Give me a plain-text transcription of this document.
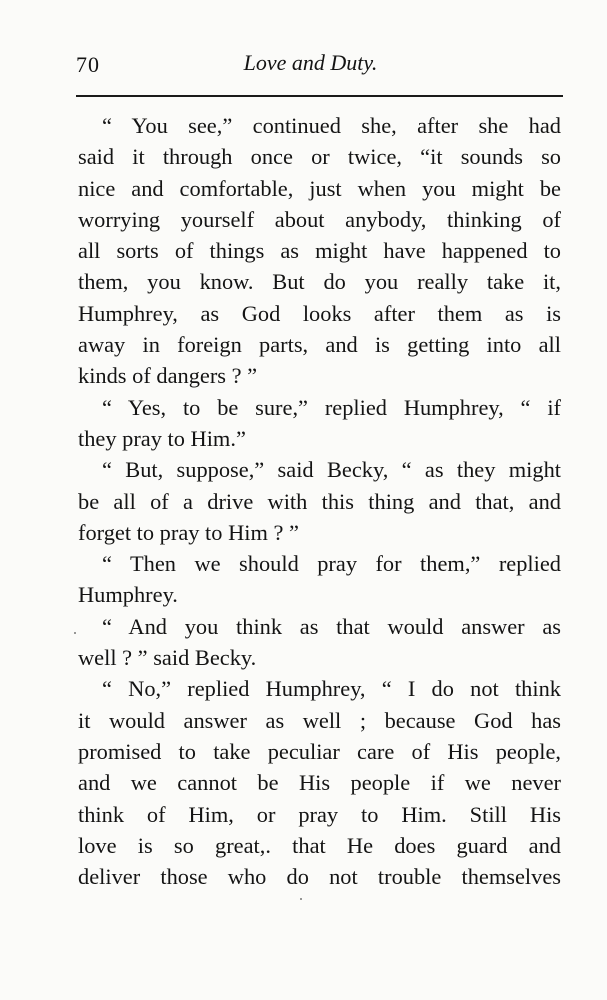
70	Love and Duty.
“ You see,” continued she, after she had
said it through once or twice, “it sounds so
nice and comfortable, just when you might be
worrying yourself about anybody, thinking of
all sorts of things as might have happened to
them, you know. But do you really take it,
Humphrey, as God looks after them as is
away in foreign parts, and is getting into all
kinds of dangers ? ”
“ Yes, to be sure,” replied Humphrey, “ if
they pray to Him.”
“ But, suppose,” said Becky, “ as they might
be all of a drive with this thing and that, and
forget to pray to Him ? ”
“ Then we should pray for them,” replied
Humphrey.
“ And you think as that would answer as
well ? ” said Becky.
“ No,” replied Humphrey, “ I do not think
it would answer as well ; because God has
promised to take peculiar care of His people,
and we cannot be His people if we never
think of Him, or pray to Him. Still His
love is so great,. that He does guard and
deliver those who do not trouble themselves
